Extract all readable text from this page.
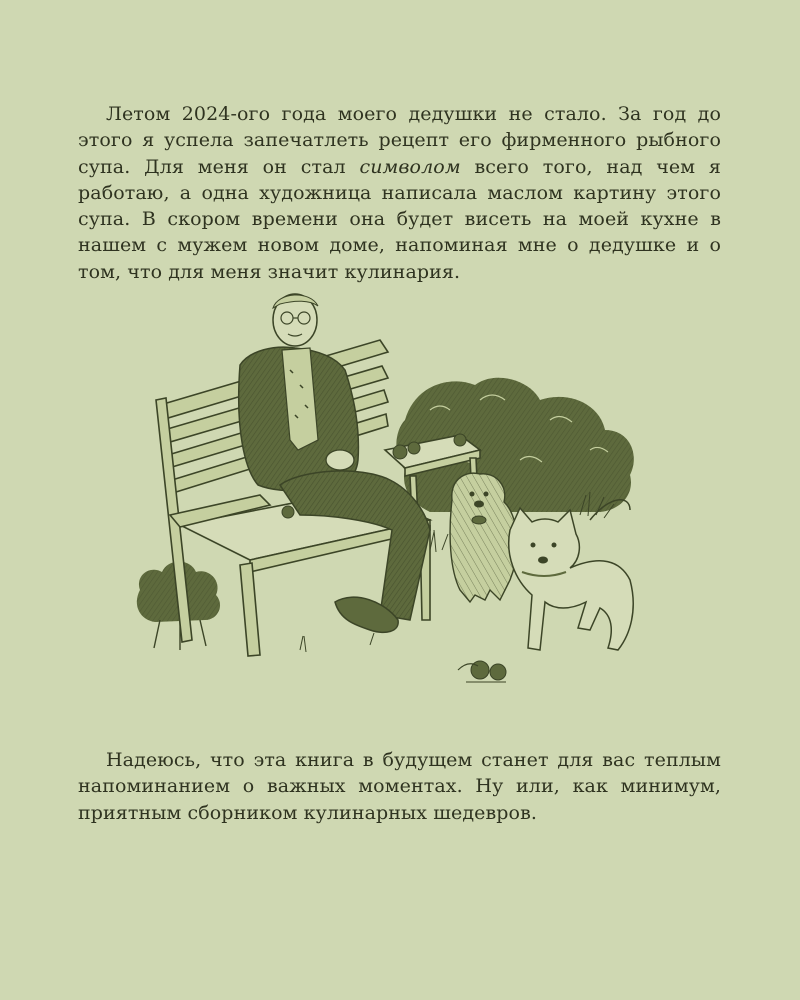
Летом 2024-ого года моего дедушки не стало. За год до этого я успела запечатлеть рецепт его фирменного рыбного супа. Для меня он стал символом всего того, над чем я работаю, а одна художница написала маслом картину этого супа. В скором времени она будет висеть на моей кухне в нашем с мужем новом доме, напоминая мне о дедушке и о том, что для меня значит кулинария.

Надеюсь, что эта книга в будущем станет для вас теплым напоминанием о важных моментах. Ну или, как минимум, приятным сборником кулинарных шедевров.
